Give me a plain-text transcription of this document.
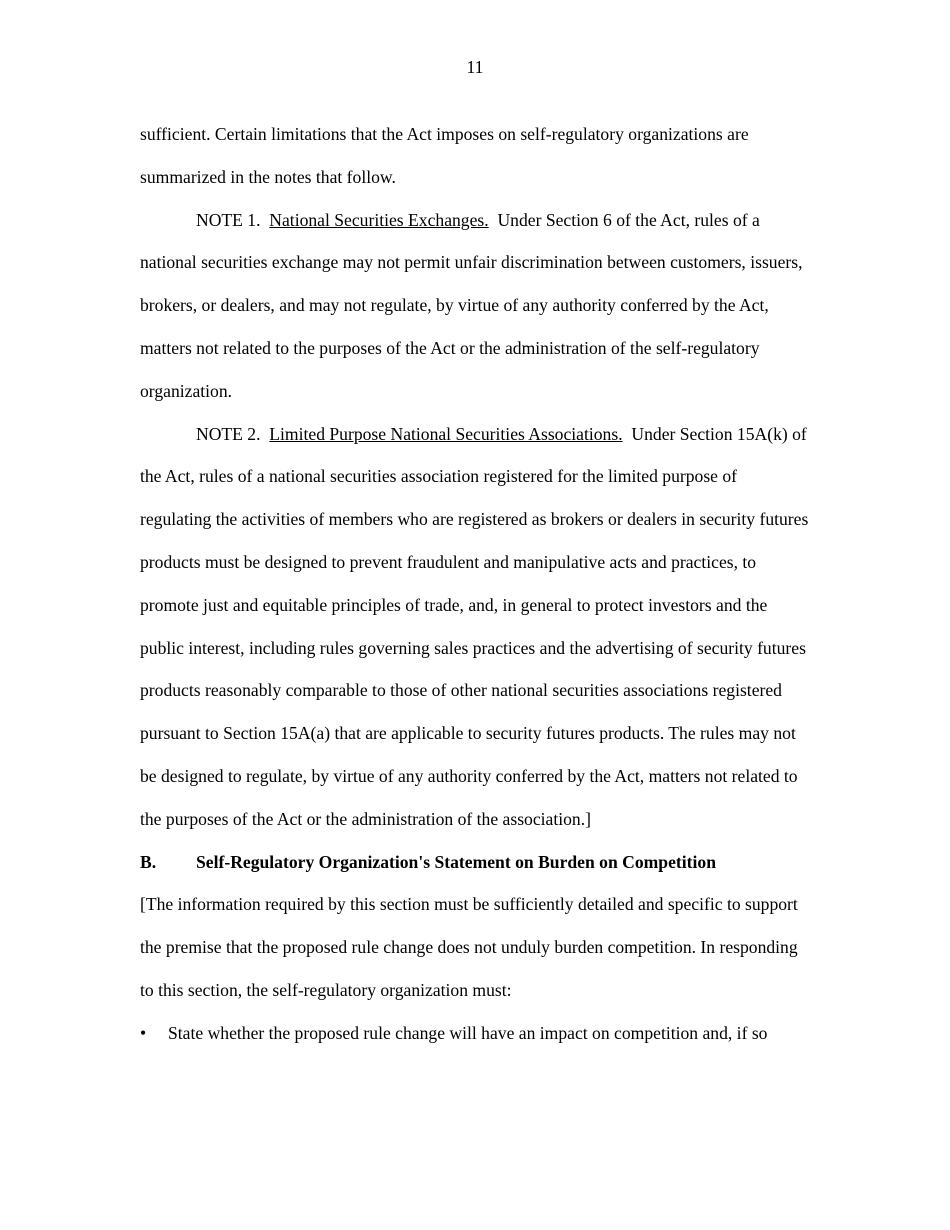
11

sufficient. Certain limitations that the Act imposes on self-regulatory organizations are summarized in the notes that follow.

NOTE 1. National Securities Exchanges. Under Section 6 of the Act, rules of a national securities exchange may not permit unfair discrimination between customers, issuers, brokers, or dealers, and may not regulate, by virtue of any authority conferred by the Act, matters not related to the purposes of the Act or the administration of the self-regulatory organization.

NOTE 2. Limited Purpose National Securities Associations. Under Section 15A(k) of the Act, rules of a national securities association registered for the limited purpose of regulating the activities of members who are registered as brokers or dealers in security futures products must be designed to prevent fraudulent and manipulative acts and practices, to promote just and equitable principles of trade, and, in general to protect investors and the public interest, including rules governing sales practices and the advertising of security futures products reasonably comparable to those of other national securities associations registered pursuant to Section 15A(a) that are applicable to security futures products. The rules may not be designed to regulate, by virtue of any authority conferred by the Act, matters not related to the purposes of the Act or the administration of the association.]

B. Self-Regulatory Organization's Statement on Burden on Competition

[The information required by this section must be sufficiently detailed and specific to support the premise that the proposed rule change does not unduly burden competition. In responding to this section, the self-regulatory organization must:

• State whether the proposed rule change will have an impact on competition and, if so
